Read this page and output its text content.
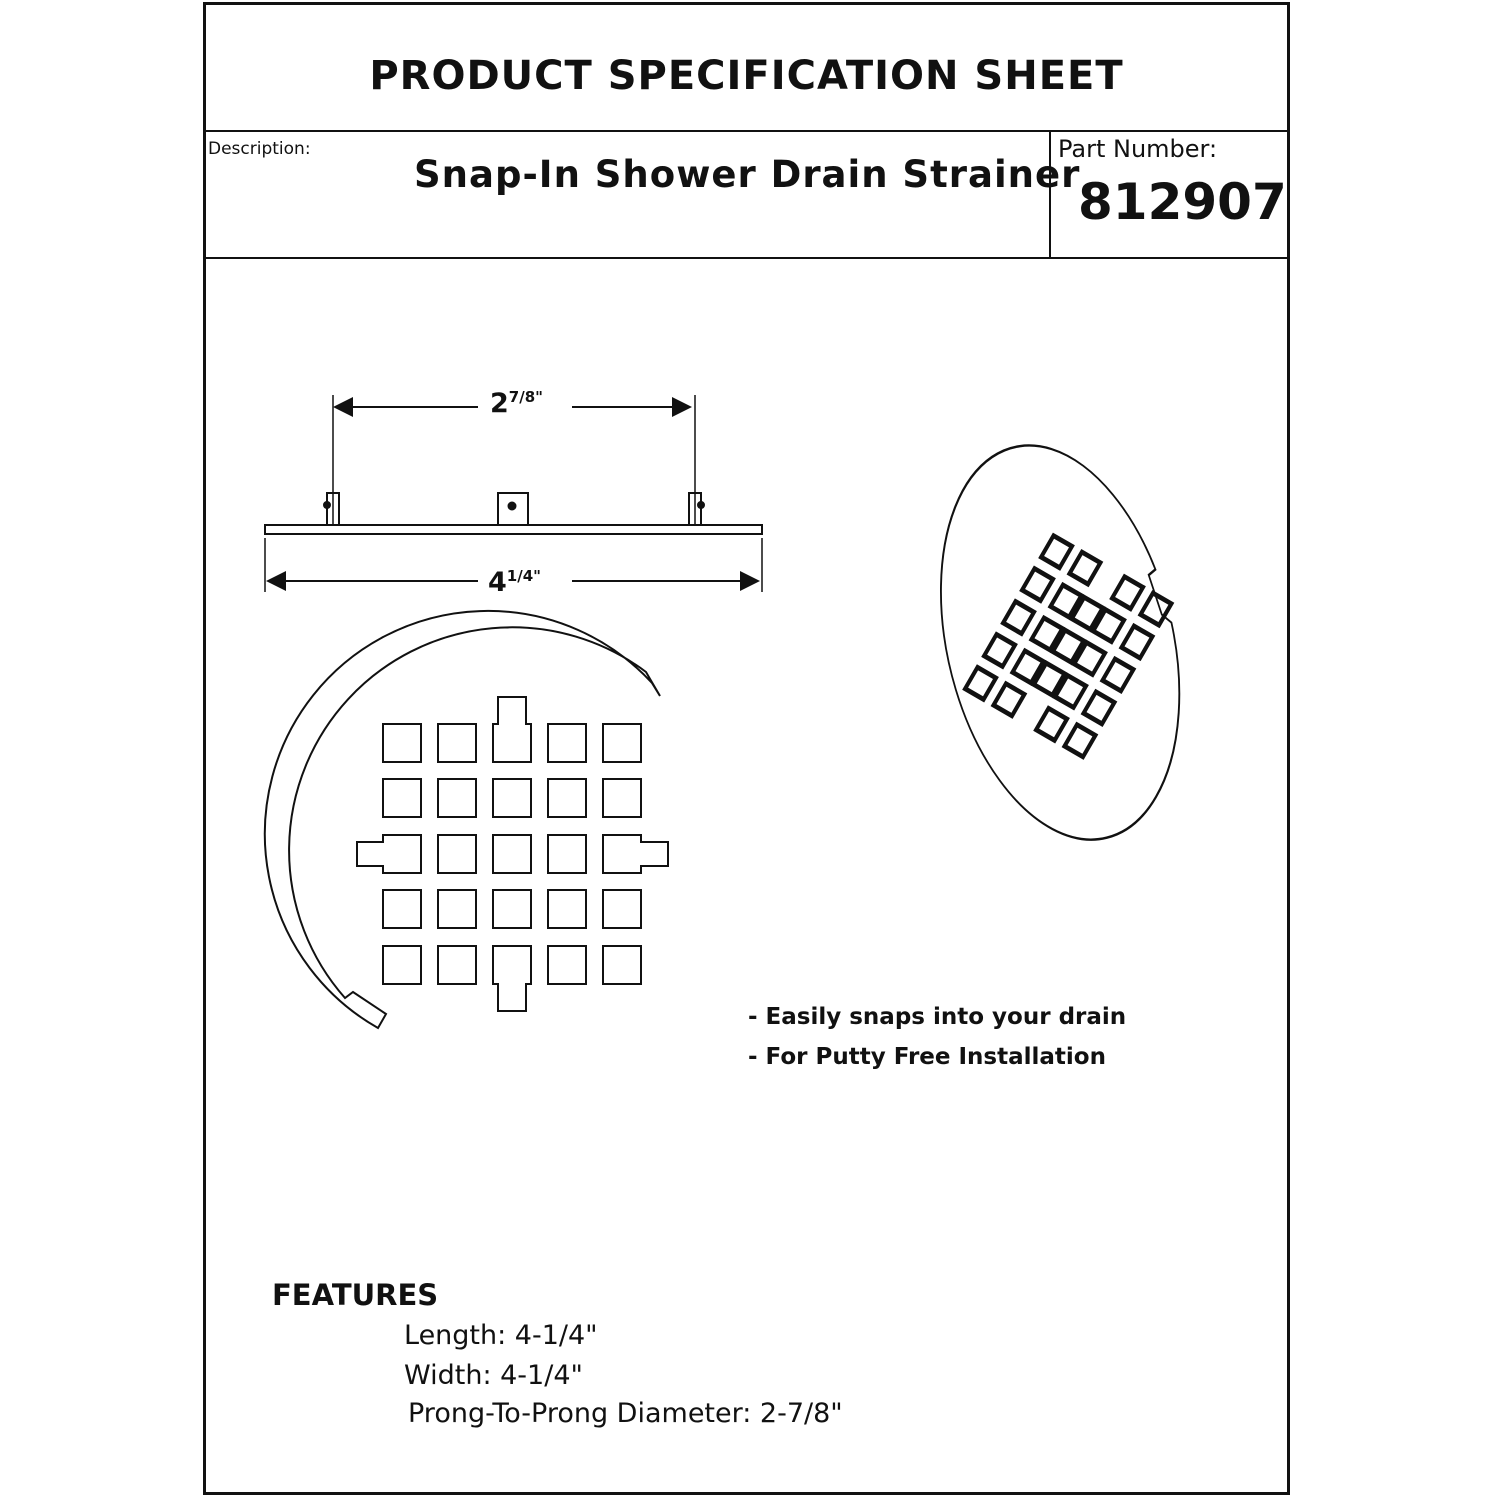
PRODUCT SPECIFICATION SHEET
Description:
Snap-In Shower Drain Strainer
Part Number:
812907
$2^{7/8"}$
$4^{1/4"}$
- Easily snaps into your drain
- For Putty Free Installation
FEATURES
Length: 4-1/4"
Width: 4-1/4"
Prong-To-Prong Diameter: 2-7/8"
